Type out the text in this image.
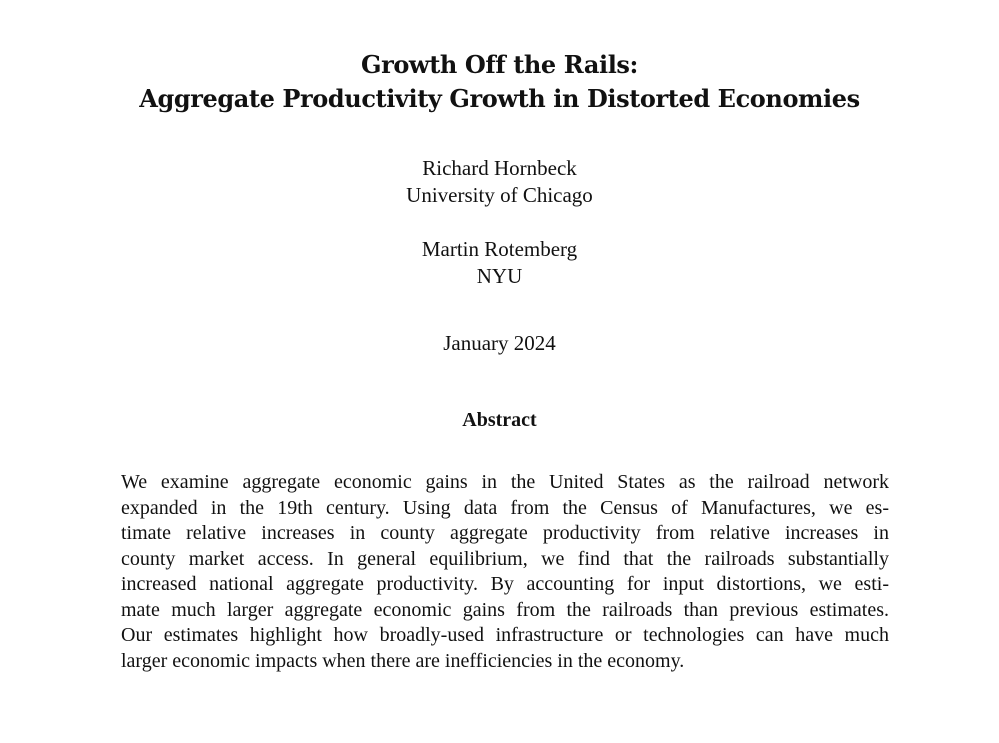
Growth Off the Rails:
Aggregate Productivity Growth in Distorted Economies

Richard Hornbeck

University of Chicago

Martin Rotemberg

NYU

January 2024

Abstract
We examine aggregate economic gains in the United States as the railroad network
expanded in the 19th century. Using data from the Census of Manufactures, we es-
timate relative increases in county aggregate productivity from relative increases in
county market access. In general equilibrium, we find that the railroads substantially
increased national aggregate productivity. By accounting for input distortions, we esti-
mate much larger aggregate economic gains from the railroads than previous estimates.
Our estimates highlight how broadly-used infrastructure or technologies can have much
larger economic impacts when there are inefficiencies in the economy.
